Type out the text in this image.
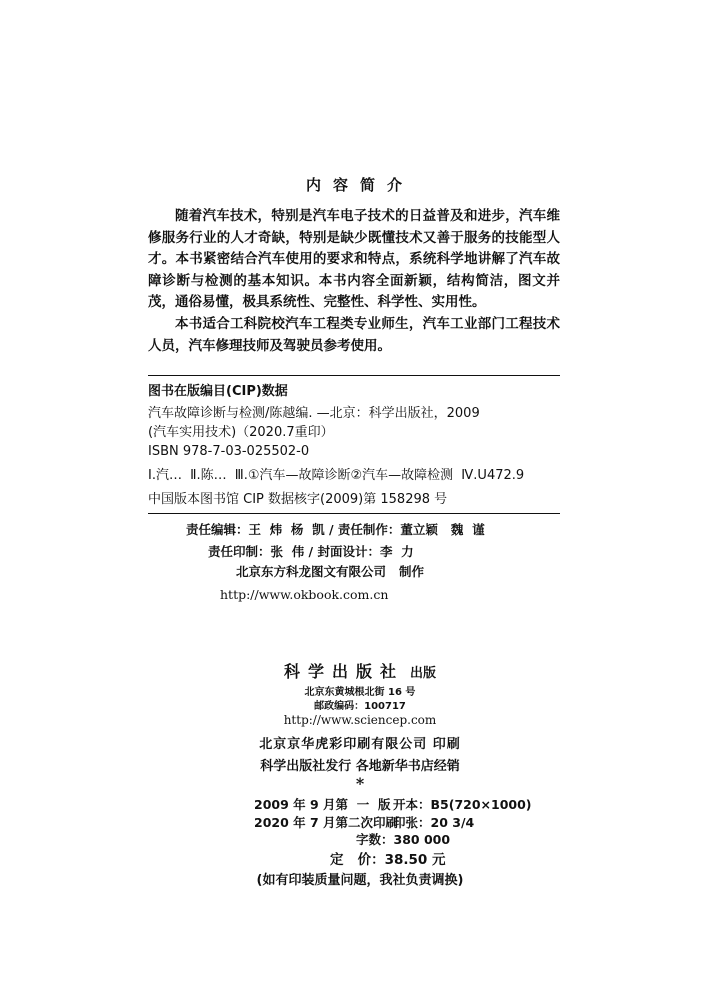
内容简介
随着汽车技术，特别是汽车电子技术的日益普及和进步，汽车维修服务行业的人才奇缺，特别是缺少既懂技术又善于服务的技能型人才。本书紧密结合汽车使用的要求和特点，系统科学地讲解了汽车故障诊断与检测的基本知识。本书内容全面新颖，结构简洁，图文并茂，通俗易懂，极具系统性、完整性、科学性、实用性。
本书适合工科院校汽车工程类专业师生，汽车工业部门工程技术人员，汽车修理技师及驾驶员参考使用。
图书在版编目(CIP)数据
汽车故障诊断与检测/陈越编. —北京：科学出版社，2009
(汽车实用技术)（2020.7重印）
ISBN 978-7-03-025502-0
Ⅰ.汽… Ⅱ.陈… Ⅲ.①汽车—故障诊断②汽车—故障检测 Ⅳ.U472.9
中国版本图书馆 CIP 数据核字(2009)第 158298 号
责任编辑：王  炜  杨  凯 / 责任制作：董立颖   魏  谨
责任印制：张  伟 / 封面设计：李  力
北京东方科龙图文有限公司   制作
http://www.okbook.com.cn
科学出版社 出版
北京东黄城根北街 16 号
邮政编码：100717
http://www.sciencep.com
北京京华虎彩印刷有限公司 印刷
科学出版社发行 各地新华书店经销
*
2009 年 9 月第  一  版 开本：B5(720×1000)
2020 年 7 月第二次印刷
印张：20 3/4
字数：380 000
定   价：38.50 元
(如有印装质量问题，我社负责调换)
